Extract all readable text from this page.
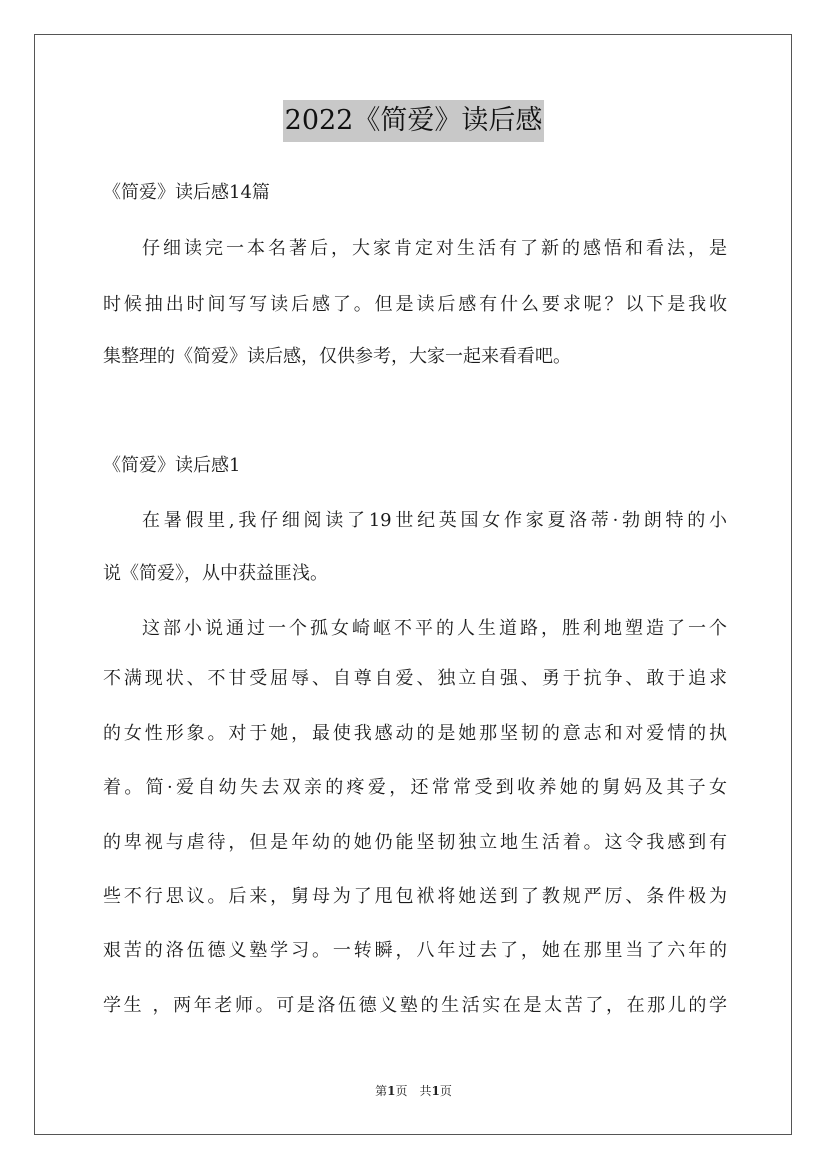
2022《简爱》读后感
《简爱》读后感14篇
仔细读完一本名著后，大家肯定对生活有了新的感悟和看法，是
时候抽出时间写写读后感了。但是读后感有什么要求呢？以下是我收
集整理的《简爱》读后感，仅供参考，大家一起来看看吧。
《简爱》读后感1
在暑假里,我仔细阅读了19世纪英国女作家夏洛蒂·勃朗特的小
说《简爱》，从中获益匪浅。
这部小说通过一个孤女崎岖不平的人生道路，胜利地塑造了一个
不满现状、不甘受屈辱、自尊自爱、独立自强、勇于抗争、敢于追求
的女性形象。对于她，最使我感动的是她那坚韧的意志和对爱情的执
着。简·爱自幼失去双亲的疼爱，还常常受到收养她的舅妈及其子女
的卑视与虐待，但是年幼的她仍能坚韧独立地生活着。这令我感到有
些不行思议。后来，舅母为了甩包袱将她送到了教规严厉、条件极为
艰苦的洛伍德义塾学习。一转瞬，八年过去了，她在那里当了六年的
学生 ，两年老师。可是洛伍德义塾的生活实在是太苦了，在那儿的学
第1页　共1页
